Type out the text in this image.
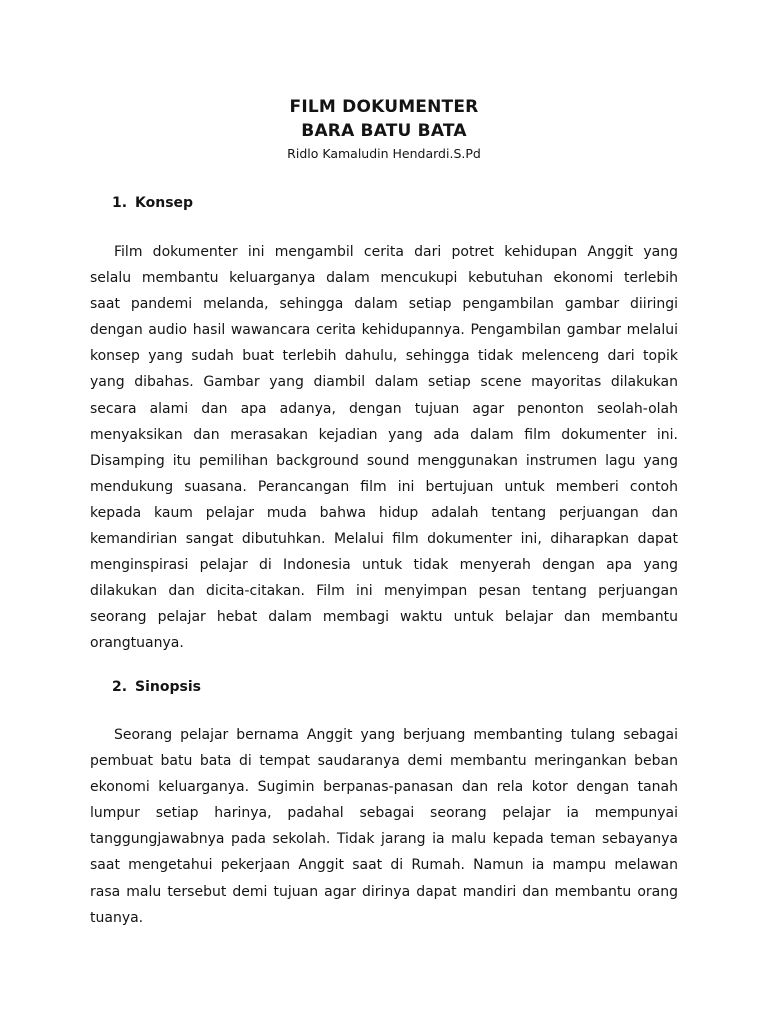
FILM DOKUMENTER
BARA BATU BATA
Ridlo Kamaludin Hendardi.S.Pd
1. Konsep
Film dokumenter ini mengambil cerita dari potret kehidupan Anggit yang
selalu membantu keluarganya dalam mencukupi kebutuhan ekonomi terlebih
saat pandemi melanda, sehingga dalam setiap pengambilan gambar diiringi
dengan audio hasil wawancara cerita kehidupannya. Pengambilan gambar melalui
konsep yang sudah buat terlebih dahulu, sehingga tidak melenceng dari topik
yang dibahas. Gambar yang diambil dalam setiap scene mayoritas dilakukan
secara alami dan apa adanya, dengan tujuan agar penonton seolah-olah
menyaksikan dan merasakan kejadian yang ada dalam film dokumenter ini.
Disamping itu pemilihan background sound menggunakan instrumen lagu yang
mendukung suasana. Perancangan film ini bertujuan untuk memberi contoh
kepada kaum pelajar muda bahwa hidup adalah tentang perjuangan dan
kemandirian sangat dibutuhkan. Melalui film dokumenter ini, diharapkan dapat
menginspirasi pelajar di Indonesia untuk tidak menyerah dengan apa yang
dilakukan dan dicita-citakan. Film ini menyimpan pesan tentang perjuangan
seorang pelajar hebat dalam membagi waktu untuk belajar dan membantu
orangtuanya.
2. Sinopsis
Seorang pelajar bernama Anggit yang berjuang membanting tulang sebagai
pembuat batu bata di tempat saudaranya demi membantu meringankan beban
ekonomi keluarganya. Sugimin berpanas-panasan dan rela kotor dengan tanah
lumpur setiap harinya, padahal sebagai seorang pelajar ia mempunyai
tanggungjawabnya pada sekolah. Tidak jarang ia malu kepada teman sebayanya
saat mengetahui pekerjaan Anggit saat di Rumah. Namun ia mampu melawan
rasa malu tersebut demi tujuan agar dirinya dapat mandiri dan membantu orang
tuanya.
